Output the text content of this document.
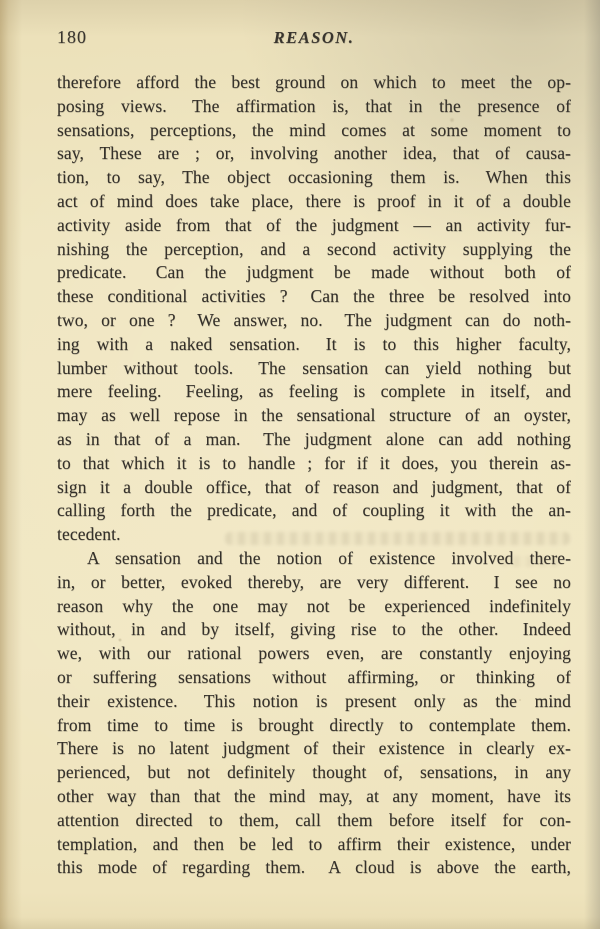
180	REASON.
therefore afford the best ground on which to meet the op-
posing views.  The affirmation is, that in the presence of
sensations, perceptions, the mind comes at some moment to
say, These are ; or, involving another idea, that of causa-
tion, to say, The object occasioning them is.  When this
act of mind does take place, there is proof in it of a double
activity aside from that of the judgment — an activity fur-
nishing the perception, and a second activity supplying the
predicate.  Can the judgment be made without both of
these conditional activities ?  Can the three be resolved into
two, or one ?  We answer, no.  The judgment can do noth-
ing with a naked sensation.  It is to this higher faculty,
lumber without tools.  The sensation can yield nothing but
mere feeling.  Feeling, as feeling is complete in itself, and
may as well repose in the sensational structure of an oyster,
as in that of a man.  The judgment alone can add nothing
to that which it is to handle ; for if it does, you therein as-
sign it a double office, that of reason and judgment, that of
calling forth the predicate, and of coupling it with the an-
tecedent.
A sensation and the notion of existence involved there-
in, or better, evoked thereby, are very different.  I see no
reason why the one may not be experienced indefinitely
without, in and by itself, giving rise to the other.  Indeed
we, with our rational powers even, are constantly enjoying
or suffering sensations without affirming, or thinking of
their existence.  This notion is present only as the mind
from time to time is brought directly to contemplate them.
There is no latent judgment of their existence in clearly ex-
perienced, but not definitely thought of, sensations, in any
other way than that the mind may, at any moment, have its
attention directed to them, call them before itself for con-
templation, and then be led to affirm their existence, under
this mode of regarding them.  A cloud is above the earth,
